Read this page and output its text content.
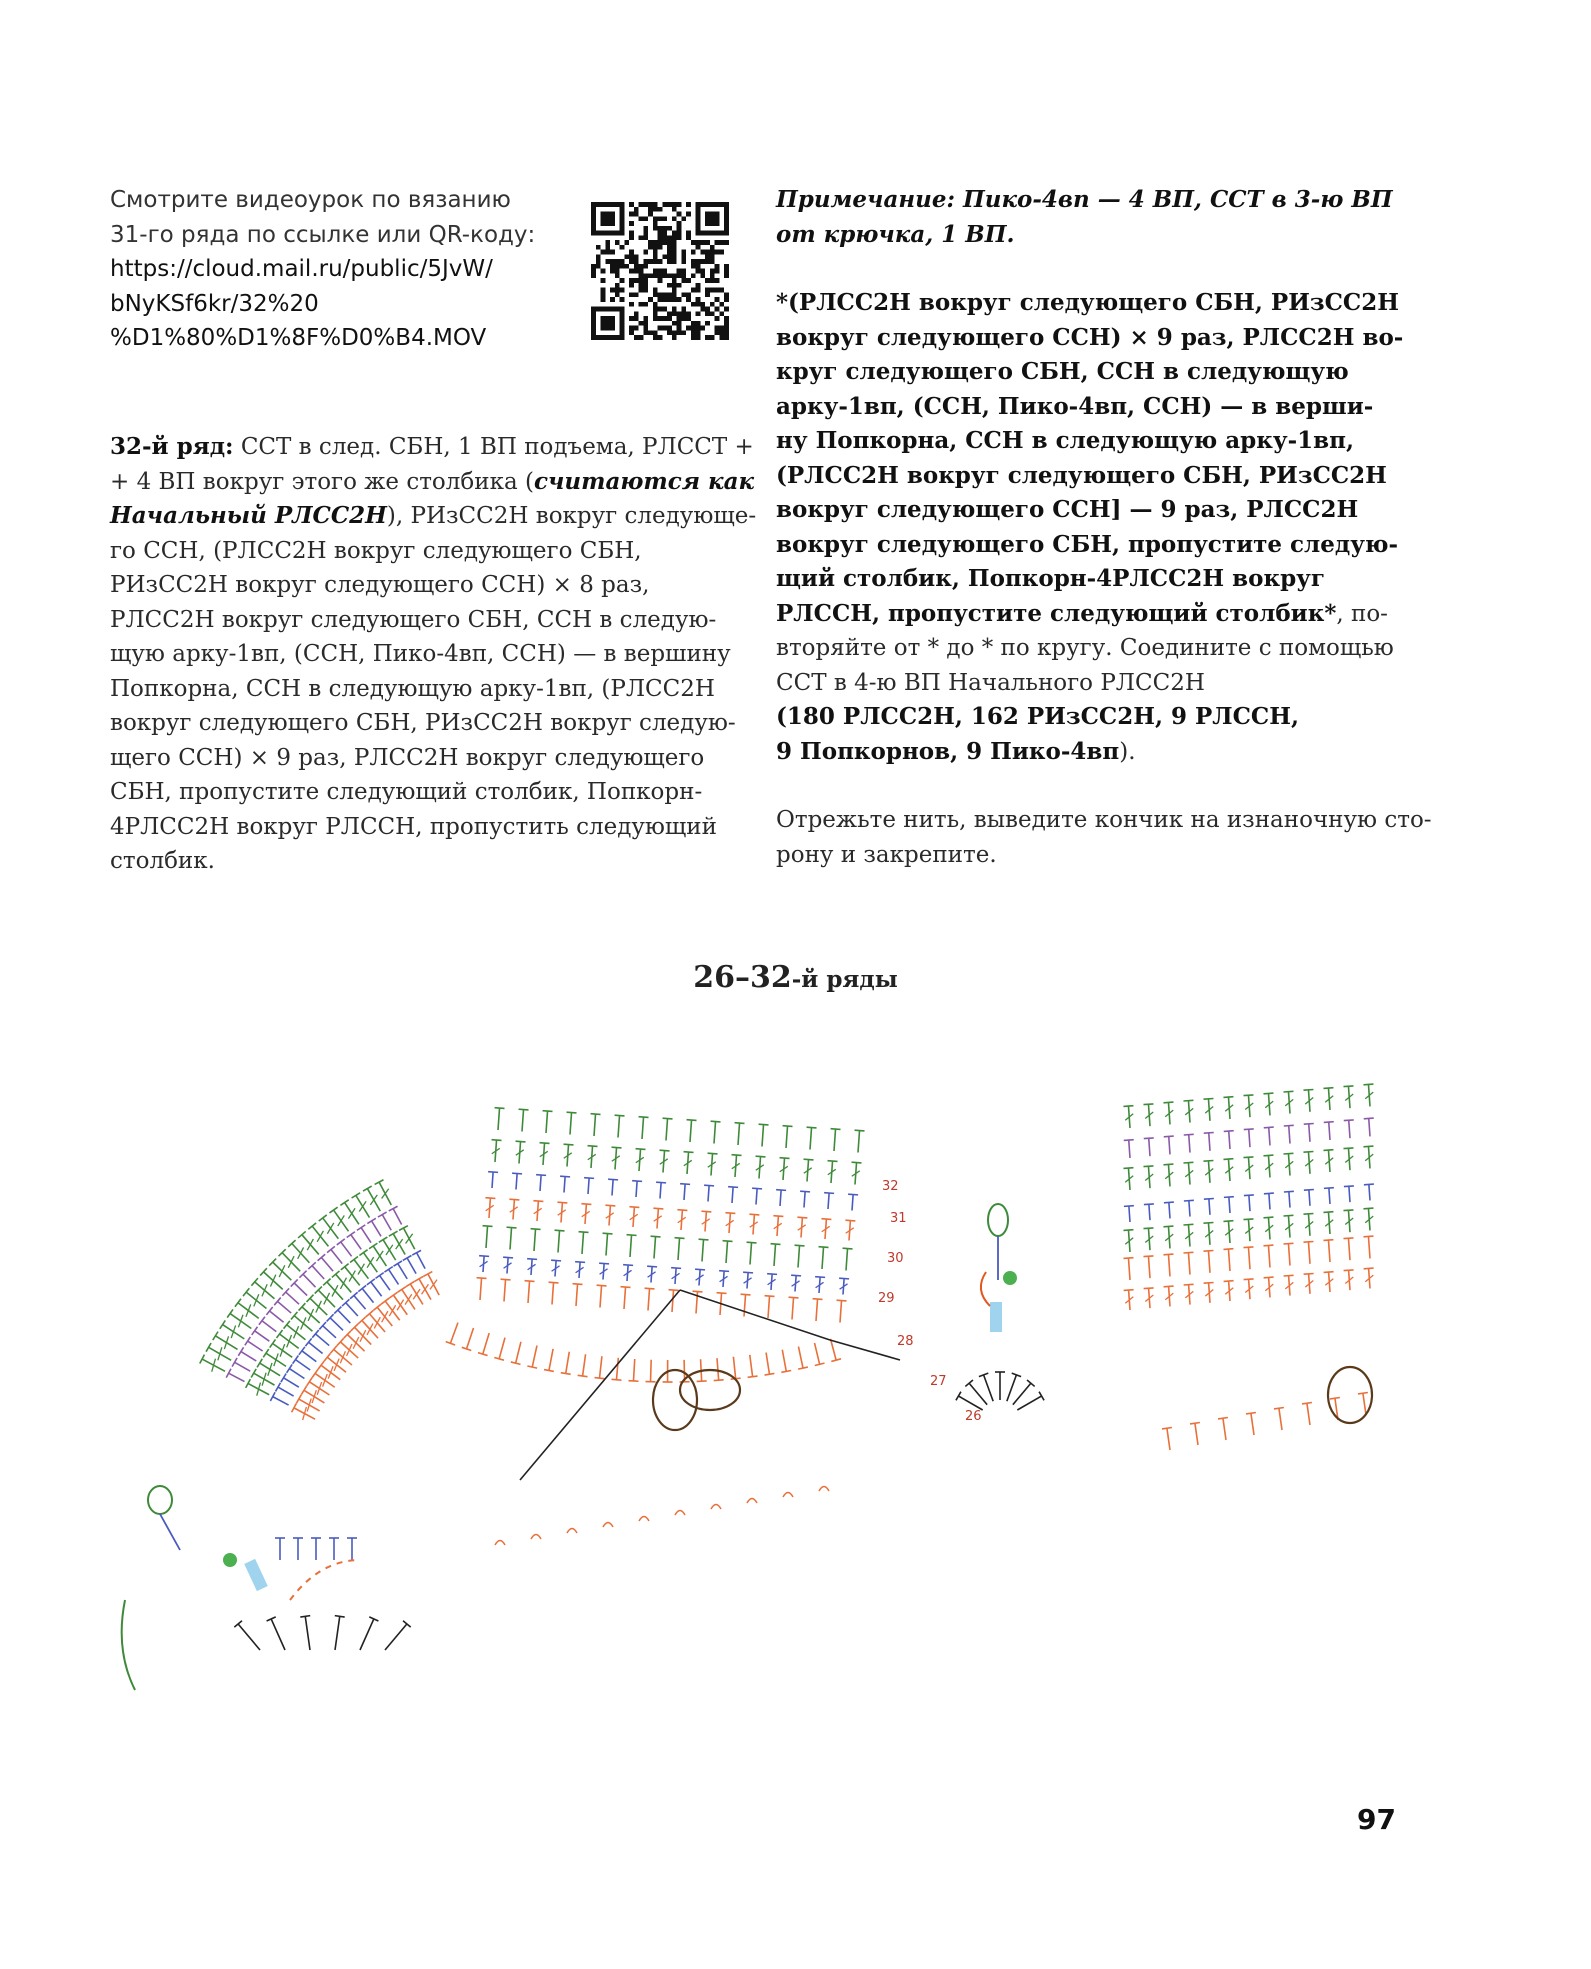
Смотрите видеоурок по вязанию
31-го ряда по ссылке или QR-коду:
https://cloud.mail.ru/public/5JvW/
bNyKSf6kr/32%20
%D1%80%D1%8F%D0%B4.MOV
32-й ряд: ССТ в след. СБН, 1 ВП подъема, РЛССТ +
+ 4 ВП вокруг этого же столбика (считаются как
Начальный РЛСС2Н), РИзСС2Н вокруг следующе-
го ССН, (РЛСС2Н вокруг следующего СБН,
РИзСС2Н вокруг следующего ССН) × 8 раз,
РЛСС2Н вокруг следующего СБН, ССН в следую-
щую арку-1вп, (ССН, Пико-4вп, ССН) — в вершину
Попкорна, ССН в следующую арку-1вп, (РЛСС2Н
вокруг следующего СБН, РИзСС2Н вокруг следую-
щего ССН) × 9 раз, РЛСС2Н вокруг следующего
СБН, пропустите следующий столбик, Попкорн-
4РЛСС2Н вокруг РЛССН, пропустить следующий
столбик.
Примечание: Пико-4вп — 4 ВП, ССТ в 3-ю ВП
от крючка, 1 ВП.
*(РЛСС2Н вокруг следующего СБН, РИзСС2Н
вокруг следующего ССН) × 9 раз, РЛСС2Н во-
круг следующего СБН, ССН в следующую
арку-1вп, (ССН, Пико-4вп, ССН) — в верши-
ну Попкорна, ССН в следующую арку-1вп,
(РЛСС2Н вокруг следующего СБН, РИзСС2Н
вокруг следующего ССН] — 9 раз, РЛСС2Н
вокруг следующего СБН, пропустите следую-
щий столбик, Попкорн-4РЛСС2Н вокруг
РЛССН, пропустите следующий столбик*, по-
вторяйте от * до * по кругу. Соедините с помощью
ССТ в 4-ю ВП Начального РЛСС2Н
(180 РЛСС2Н, 162 РИзСС2Н, 9 РЛССН,
9 Попкорнов, 9 Пико-4вп).
Отрежьте нить, выведите кончик на изнаночную сто-
рону и закрепите.
26–32-й ряды
32
31
30
29
28
27
26
97
